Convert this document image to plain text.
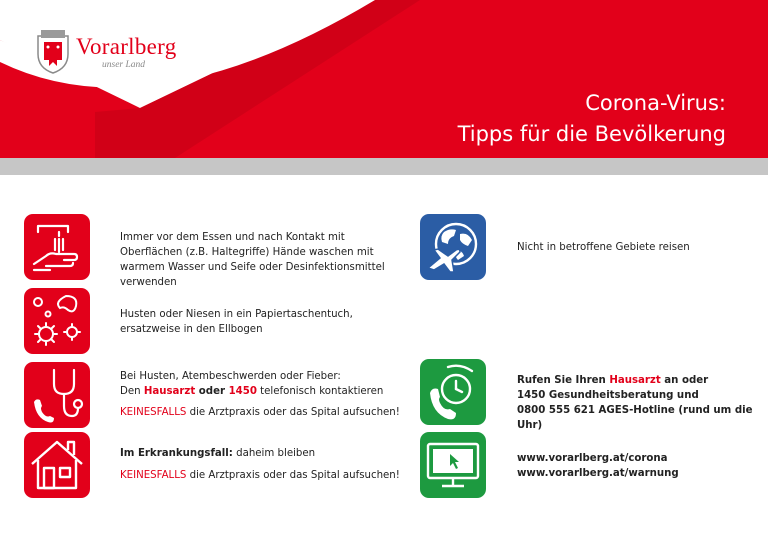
Vorarlberg
unser Land
Corona-Virus:
Tipps für die Bevölkerung
Immer vor dem Essen und nach Kontakt mit Oberflächen (z.B. Haltegriffe) Hände waschen mit warmem Wasser und Seife oder Desinfektionsmittel verwenden
Husten oder Niesen in ein Papiertaschentuch, ersatzweise in den Ellbogen

Bei Husten, Atembeschwerden oder Fieber:

Den Hausarzt oder 1450 telefonisch kontaktieren

KEINESFALLS die Arztpraxis oder das Spital aufsuchen!

Im Erkrankungsfall: daheim bleiben

KEINESFALLS die Arztpraxis oder das Spital aufsuchen!

Nicht in betroffene Gebiete reisen

Rufen Sie Ihren Hausarzt an oder

1450 Gesundheitsberatung und

0800 555 621 AGES-Hotline (rund um die Uhr)

www.vorarlberg.at/corona

www.vorarlberg.at/warnung
